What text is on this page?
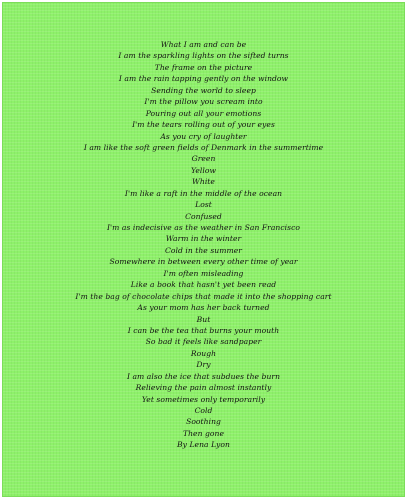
What I am and can be
I am the sparkling lights on the sifted turns
The frame on the picture
I am the rain tapping gently on the window
Sending the world to sleep
I'm the pillow you scream into
Pouring out all your emotions
I'm the tears rolling out of your eyes
As you cry of laughter
I am like the soft green fields of Denmark in the summertime
Green
Yellow
White
I'm like a raft in the middle of the ocean
Lost
Confused
I'm as indecisive as the weather in San Francisco
Warm in the winter
Cold in the summer
Somewhere in between every other time of year
I'm often misleading
Like a book that hasn't yet been read
I'm the bag of chocolate chips that made it into the shopping cart
As your mom has her back turned
But
I can be the tea that burns your mouth
So bad it feels like sandpaper
Rough
Dry
I am also the ice that subdues the burn
Relieving the pain almost instantly
Yet sometimes only temporarily
Cold
Soothing
Then gone
By Lena Lyon
